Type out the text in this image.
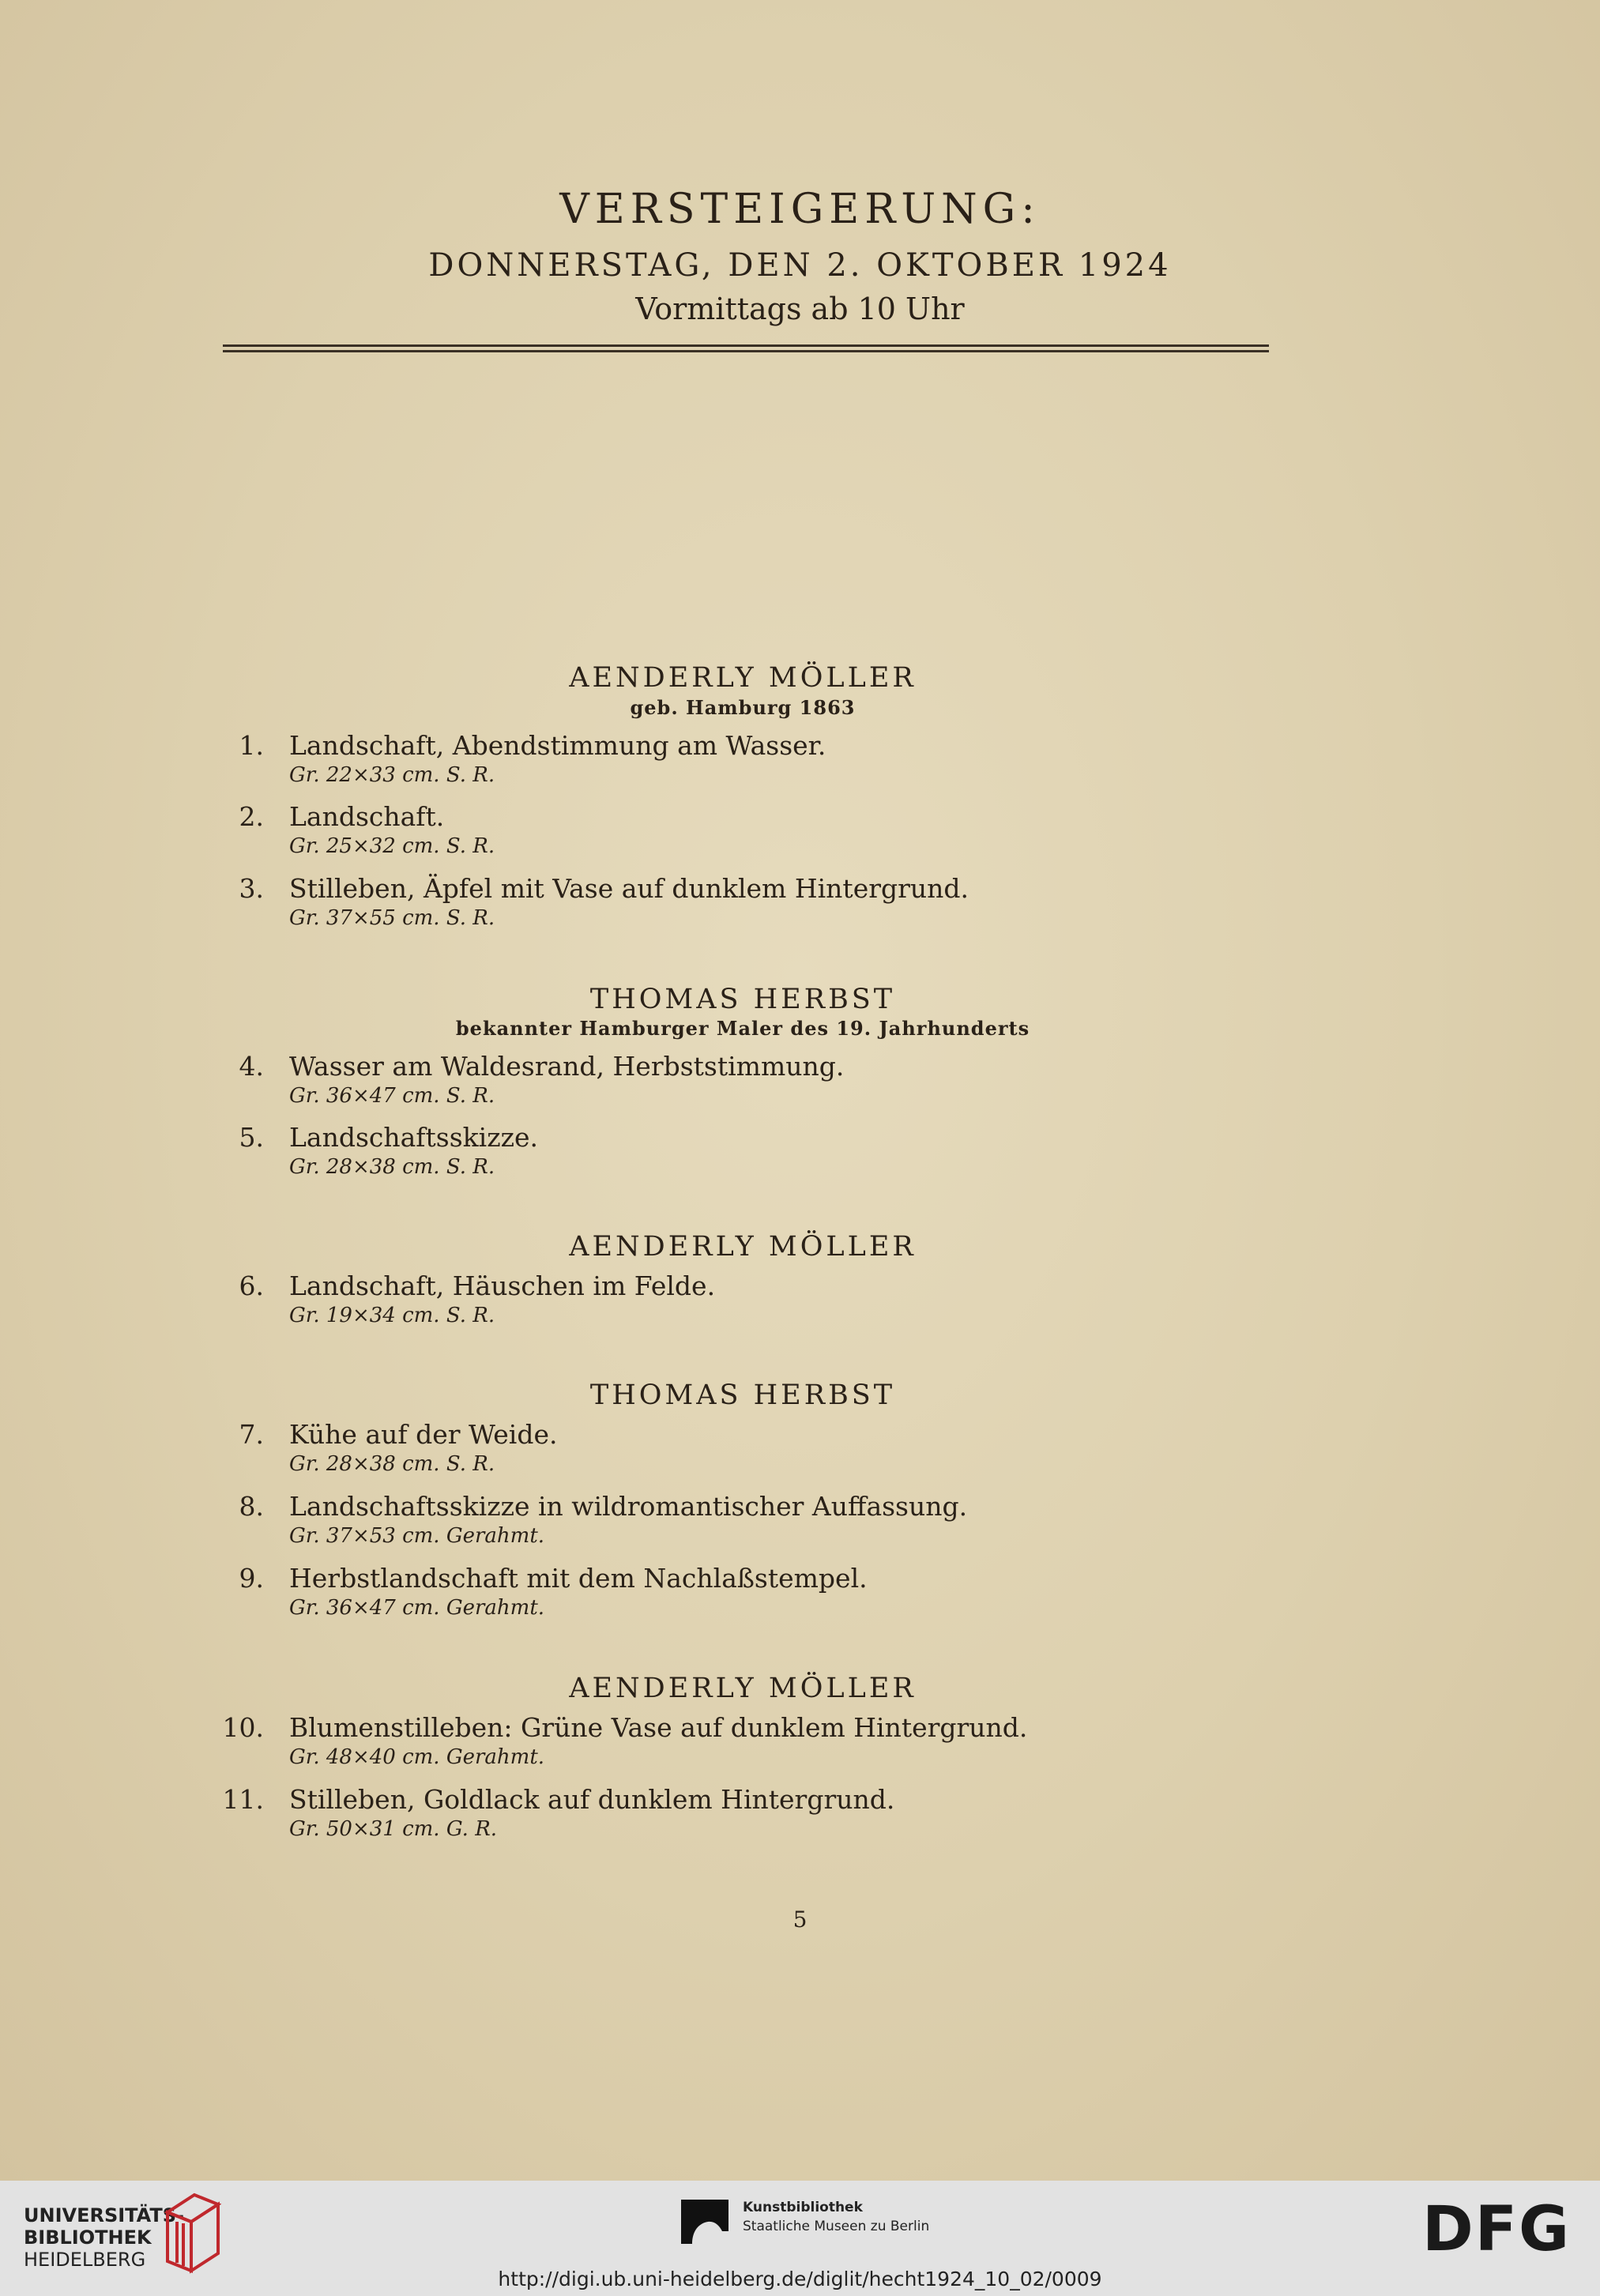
VERSTEIGERUNG:
DONNERSTAG, DEN 2. OKTOBER 1924
Vormittags ab 10 Uhr
AENDERLY MÖLLER
geb. Hamburg 1863
1. Landschaft, Abendstimmung am Wasser.
Gr. 22×33 cm. S. R.
2. Landschaft.
Gr. 25×32 cm. S. R.
3. Stilleben, Äpfel mit Vase auf dunklem Hintergrund.
Gr. 37×55 cm. S. R.
THOMAS HERBST
bekannter Hamburger Maler des 19. Jahrhunderts
4. Wasser am Waldesrand, Herbststimmung.
Gr. 36×47 cm. S. R.
5. Landschaftsskizze.
Gr. 28×38 cm. S. R.
AENDERLY MÖLLER
6. Landschaft, Häuschen im Felde.
Gr. 19×34 cm. S. R.
THOMAS HERBST
7. Kühe auf der Weide.
Gr. 28×38 cm. S. R.
8. Landschaftsskizze in wildromantischer Auffassung.
Gr. 37×53 cm. Gerahmt.
9. Herbstlandschaft mit dem Nachlaßstempel.
Gr. 36×47 cm. Gerahmt.
AENDERLY MÖLLER
10. Blumenstilleben: Grüne Vase auf dunklem Hintergrund.
Gr. 48×40 cm. Gerahmt.
11. Stilleben, Goldlack auf dunklem Hintergrund.
Gr. 50×31 cm. G. R.
5
UNIVERSITÄTS-
BIBLIOTHEK
HEIDELBERG
Kunstbibliothek
Staatliche Museen zu Berlin	DFG
http://digi.ub.uni-heidelberg.de/diglit/hecht1924_10_02/0009
